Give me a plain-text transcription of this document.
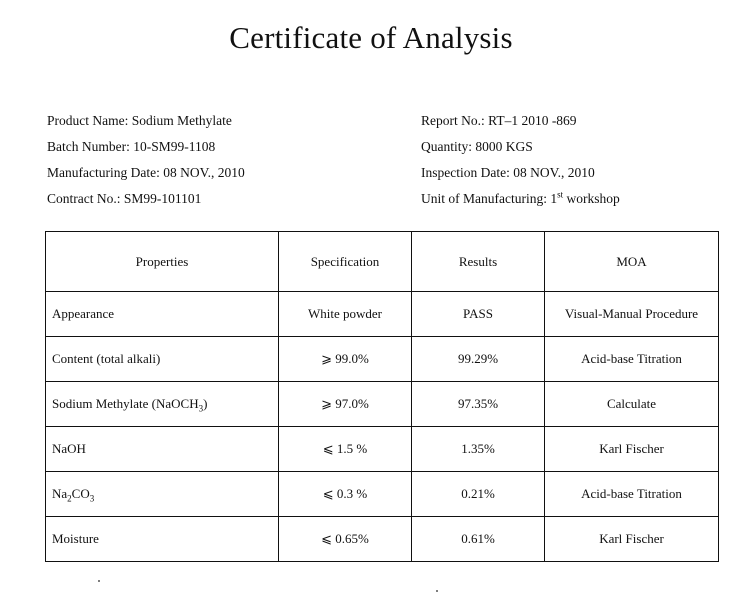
Certificate of Analysis
Product Name: Sodium Methylate
Batch Number: 10-SM99-1108
Manufacturing Date: 08 NOV., 2010
Contract No.: SM99-101101
Report No.: RT–1 2010 -869
Quantity: 8000 KGS
Inspection Date: 08 NOV., 2010
Unit of Manufacturing: 1st workshop
Properties	Specification	Results	MOA
Appearance	White powder	PASS	Visual-Manual Procedure
Content (total alkali)	⩾ 99.0%	99.29%	Acid-base Titration
Sodium Methylate (NaOCH$_3$)	⩾ 97.0%	97.35%	Calculate
NaOH	⩽ 1.5 %	1.35%	Karl Fischer
$Na_2CO_3$	⩽ 0.3 %	0.21%	Acid-base Titration
Moisture	⩽ 0.65%	0.61%	Karl Fischer
